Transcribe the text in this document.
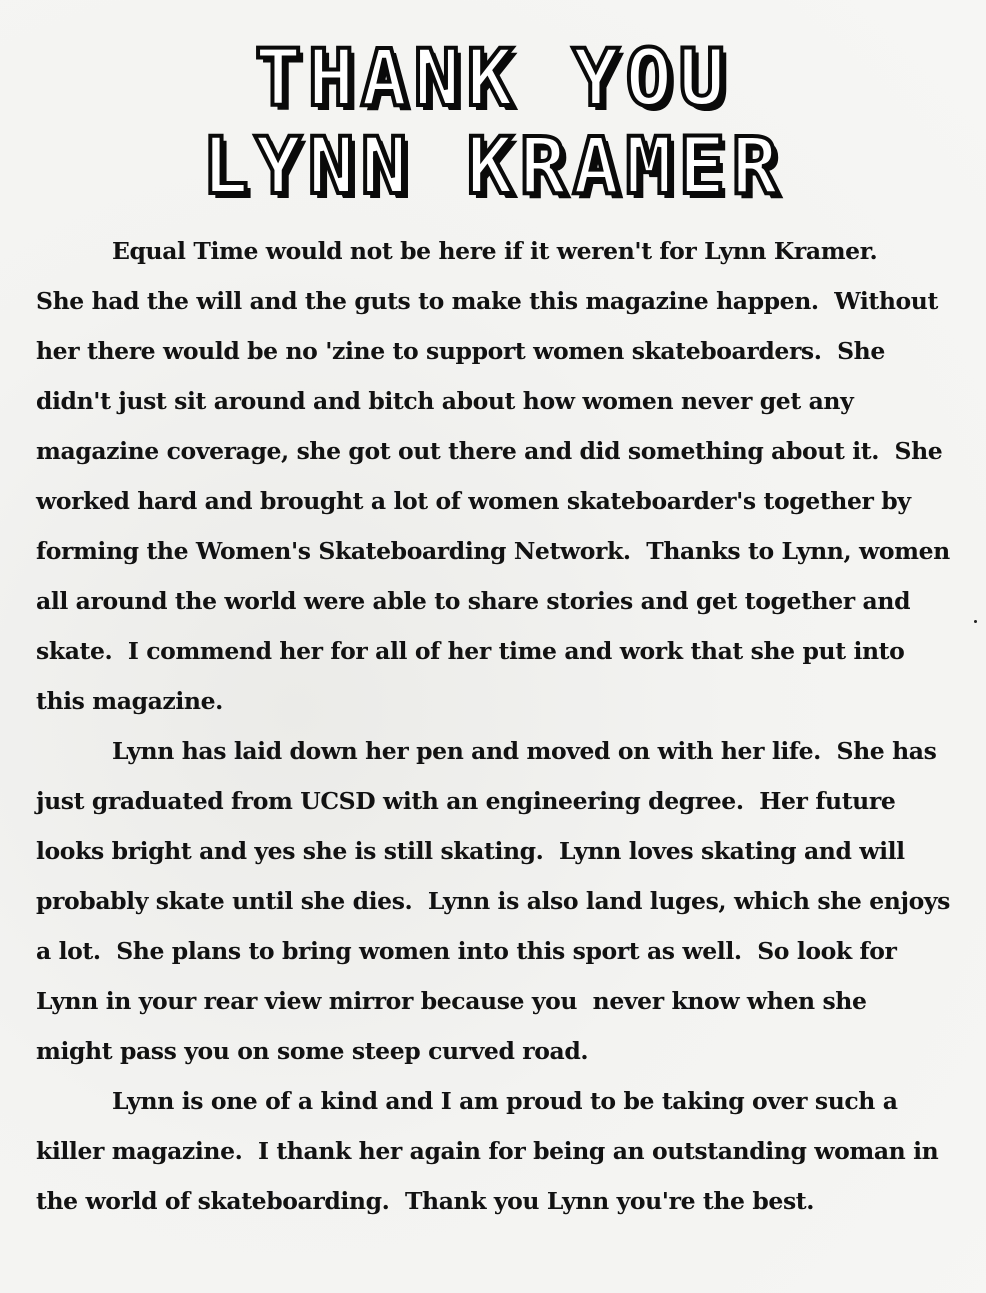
THANK YOU
LYNN KRAMER
Equal Time would not be here if it weren't for Lynn Kramer.
She had the will and the guts to make this magazine happen.  Without
her there would be no 'zine to support women skateboarders.  She
didn't just sit around and bitch about how women never get any
magazine coverage, she got out there and did something about it.  She
worked hard and brought a lot of women skateboarder's together by
forming the Women's Skateboarding Network.  Thanks to Lynn, women
all around the world were able to share stories and get together and
skate.  I commend her for all of her time and work that she put into
this magazine.
Lynn has laid down her pen and moved on with her life.  She has
just graduated from UCSD with an engineering degree.  Her future
looks bright and yes she is still skating.  Lynn loves skating and will
probably skate until she dies.  Lynn is also land luges, which she enjoys
a lot.  She plans to bring women into this sport as well.  So look for
Lynn in your rear view mirror because you  never know when she
might pass you on some steep curved road.
Lynn is one of a kind and I am proud to be taking over such a
killer magazine.  I thank her again for being an outstanding woman in
the world of skateboarding.  Thank you Lynn you're the best.
